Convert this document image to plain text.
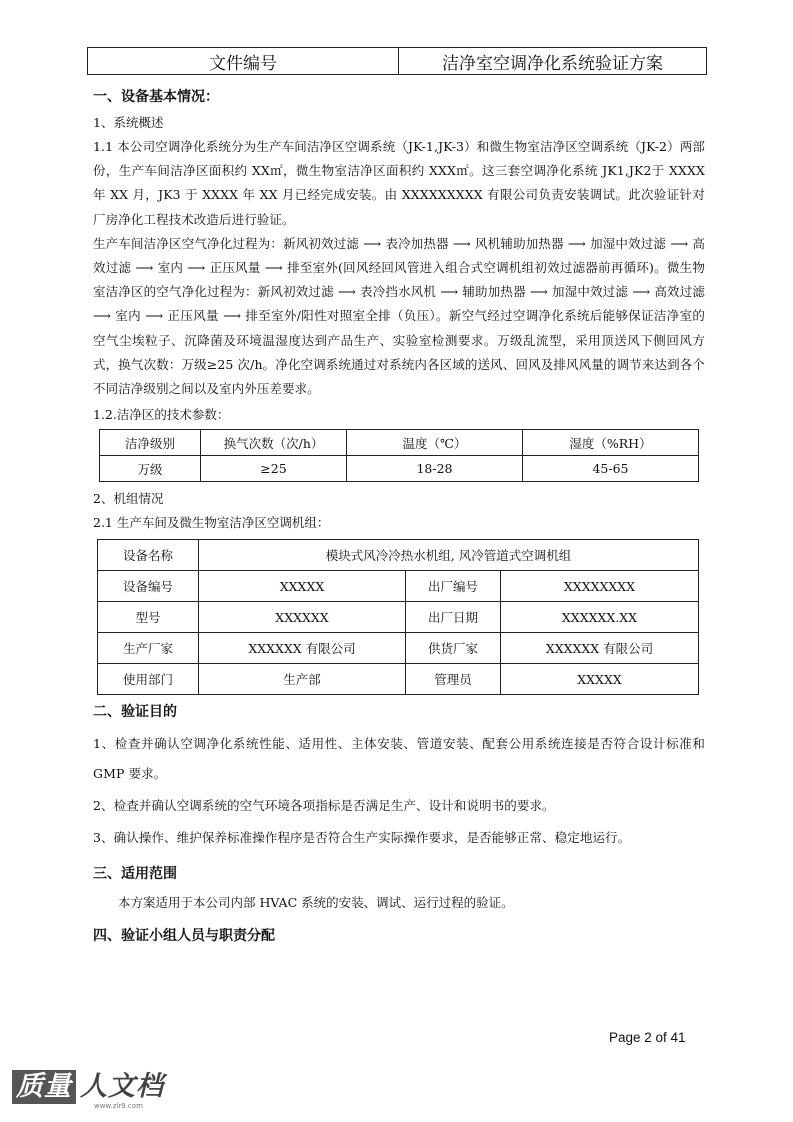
文件编号	洁净室空调净化系统验证方案

一、设备基本情况：

1、系统概述

1.1 本公司空调净化系统分为生产车间洁净区空调系统（JK-1,JK-3）和微生物室洁净区空调系统（JK-2）两部份，生产车间洁净区面积约 XX㎡，微生物室洁净区面积约 XXX㎡。这三套空调净化系统 JK1,JK2于 XXXX 年 XX 月，JK3 于 XXXX 年 XX 月已经完成安装。由 XXXXXXXXX 有限公司负责安装调试。此次验证针对厂房净化工程技术改造后进行验证。

生产车间洁净区空气净化过程为：新风初效过滤 ⟶ 表冷加热器 ⟶ 风机辅助加热器 ⟶ 加湿中效过滤 ⟶ 高效过滤 ⟶ 室内 ⟶ 正压风量 ⟶ 排至室外(回风经回风管进入组合式空调机组初效过滤器前再循环)。微生物室洁净区的空气净化过程为：新风初效过滤 ⟶ 表冷挡水风机 ⟶ 辅助加热器 ⟶ 加湿中效过滤 ⟶ 高效过滤 ⟶ 室内 ⟶ 正压风量 ⟶ 排至室外/阳性对照室全排（负压）。新空气经过空调净化系统后能够保证洁净室的空气尘埃粒子、沉降菌及环境温湿度达到产品生产、实验室检测要求。万级乱流型，采用顶送风下侧回风方式，换气次数：万级≥25 次/h。净化空调系统通过对系统内各区域的送风、回风及排风风量的调节来达到各个不同洁净级别之间以及室内外压差要求。

1.2.洁净区的技术参数：

洁净级别	换气次数（次/h）	温度（℃）	湿度（%RH）
万级	≥25	18-28	45-65

2、机组情况

2.1 生产车间及微生物室洁净区空调机组：

设备名称	模块式风冷冷热水机组, 风冷管道式空调机组		
设备编号	XXXXX	出厂编号	XXXXXXXX
型号	XXXXXX	出厂日期	XXXXXX.XX
生产厂家	XXXXXX 有限公司	供货厂家	XXXXXX 有限公司
使用部门	生产部	管理员	XXXXX

二、验证目的

1、检查并确认空调净化系统性能、适用性、主体安装、管道安装、配套公用系统连接是否符合设计标准和 GMP 要求。

2、检查并确认空调系统的空气环境各项指标是否满足生产、设计和说明书的要求。

3、确认操作、维护保养标准操作程序是否符合生产实际操作要求，是否能够正常、稳定地运行。

三、适用范围

本方案适用于本公司内部 HVAC 系统的安装、调试、运行过程的验证。

四、验证小组人员与职责分配

Page 2 of 41
质量 人文档
www.zlr9.com
